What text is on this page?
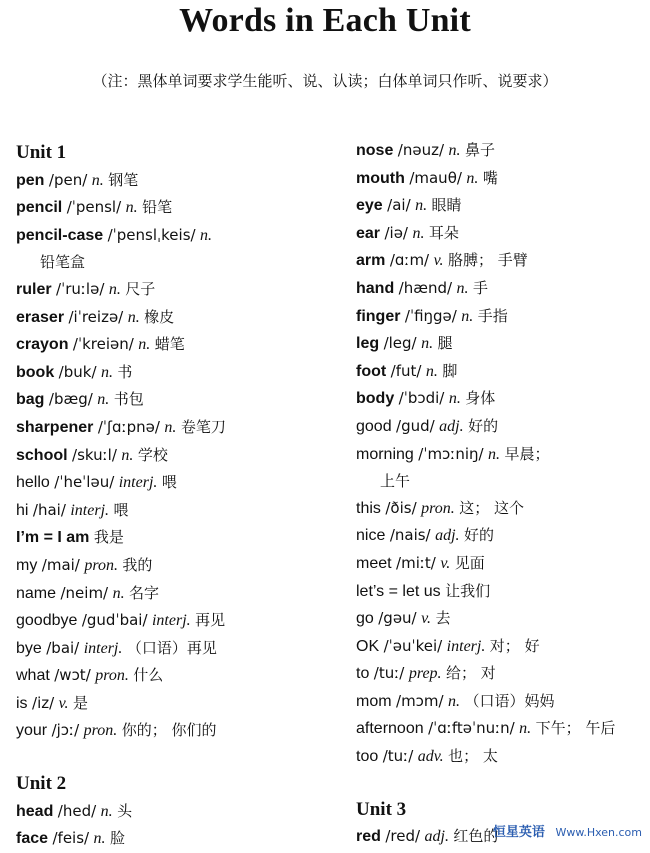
Words in Each Unit
（注：黑体单词要求学生能听、说、认读；白体单词只作听、说要求）
Unit 1
pen /pen/ n. 钢笔
pencil /ˈpensl/ n. 铅笔
pencil-case /ˈpenslˌkeis/ n.
铅笔盒
ruler /ˈruːlə/ n. 尺子
eraser /iˈreizə/ n. 橡皮
crayon /ˈkreiən/ n. 蜡笔
book /buk/ n. 书
bag /bæg/ n. 书包
sharpener /ˈʃɑːpnə/ n. 卷笔刀
school /skuːl/ n. 学校
hello /ˈheˈləu/ interj. 喂
hi /hai/ interj. 喂
I’m = I am 我是
my /mai/ pron. 我的
name /neim/ n. 名字
goodbye /gudˈbai/ interj. 再见
bye /bai/ interj. （口语）再见
what /wɔt/ pron. 什么
is /iz/ v. 是
your /jɔː/ pron. 你的； 你们的
Unit 2
head /hed/ n. 头
face /feis/ n. 脸
nose /nəuz/ n. 鼻子
mouth /mauθ/ n. 嘴
eye /ai/ n. 眼睛
ear /iə/ n. 耳朵
arm /ɑːm/ v. 胳膊； 手臂
hand /hænd/ n. 手
finger /ˈfiŋgə/ n. 手指
leg /leg/ n. 腿
foot /fut/ n. 脚
body /ˈbɔdi/ n. 身体
good /gud/ adj. 好的
morning /ˈmɔːniŋ/ n. 早晨；
上午
this /ðis/ pron. 这； 这个
nice /nais/ adj. 好的
meet /miːt/ v. 见面
let’s = let us 让我们
go /gəu/ v. 去
OK /ˈəuˈkei/ interj. 对； 好
to /tuː/ prep. 给； 对
mom /mɔm/ n. （口语）妈妈
afternoon /ˈɑːftəˈnuːn/ n. 下午； 午后
too /tuː/ adv. 也； 太
Unit 3
red /red/ adj. 红色的
恒星英语 Www.Hxen.com
